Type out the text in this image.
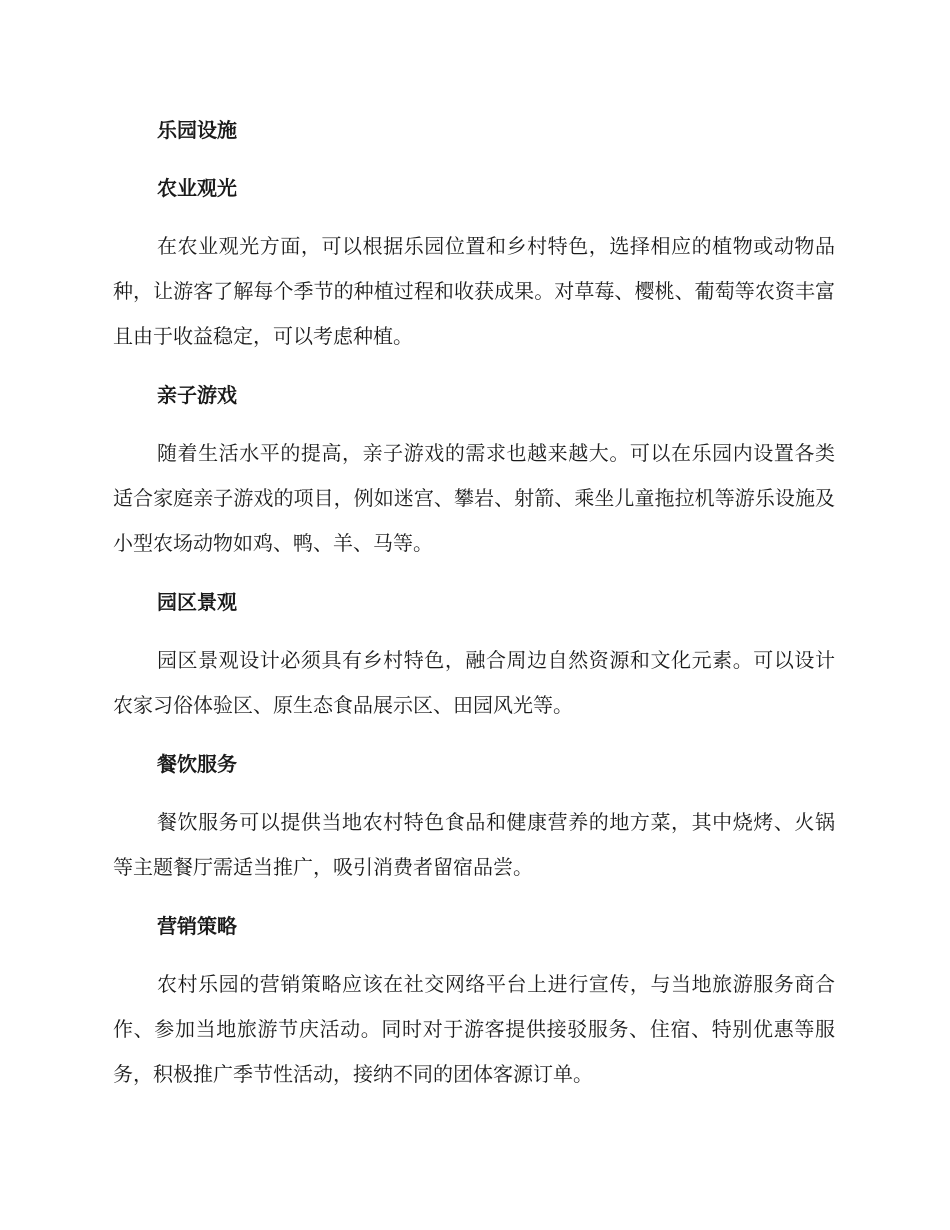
乐园设施
农业观光

在农业观光方面，可以根据乐园位置和乡村特色，选择相应的植物或动物品种，让游客了解每个季节的种植过程和收获成果。对草莓、樱桃、葡萄等农资丰富且由于收益稳定，可以考虑种植。

亲子游戏

随着生活水平的提高，亲子游戏的需求也越来越大。可以在乐园内设置各类适合家庭亲子游戏的项目，例如迷宫、攀岩、射箭、乘坐儿童拖拉机等游乐设施及小型农场动物如鸡、鸭、羊、马等。

园区景观

园区景观设计必须具有乡村特色，融合周边自然资源和文化元素。可以设计农家习俗体验区、原生态食品展示区、田园风光等。

餐饮服务

餐饮服务可以提供当地农村特色食品和健康营养的地方菜，其中烧烤、火锅等主题餐厅需适当推广，吸引消费者留宿品尝。

营销策略

农村乐园的营销策略应该在社交网络平台上进行宣传，与当地旅游服务商合作、参加当地旅游节庆活动。同时对于游客提供接驳服务、住宿、特别优惠等服务，积极推广季节性活动，接纳不同的团体客源订单。
